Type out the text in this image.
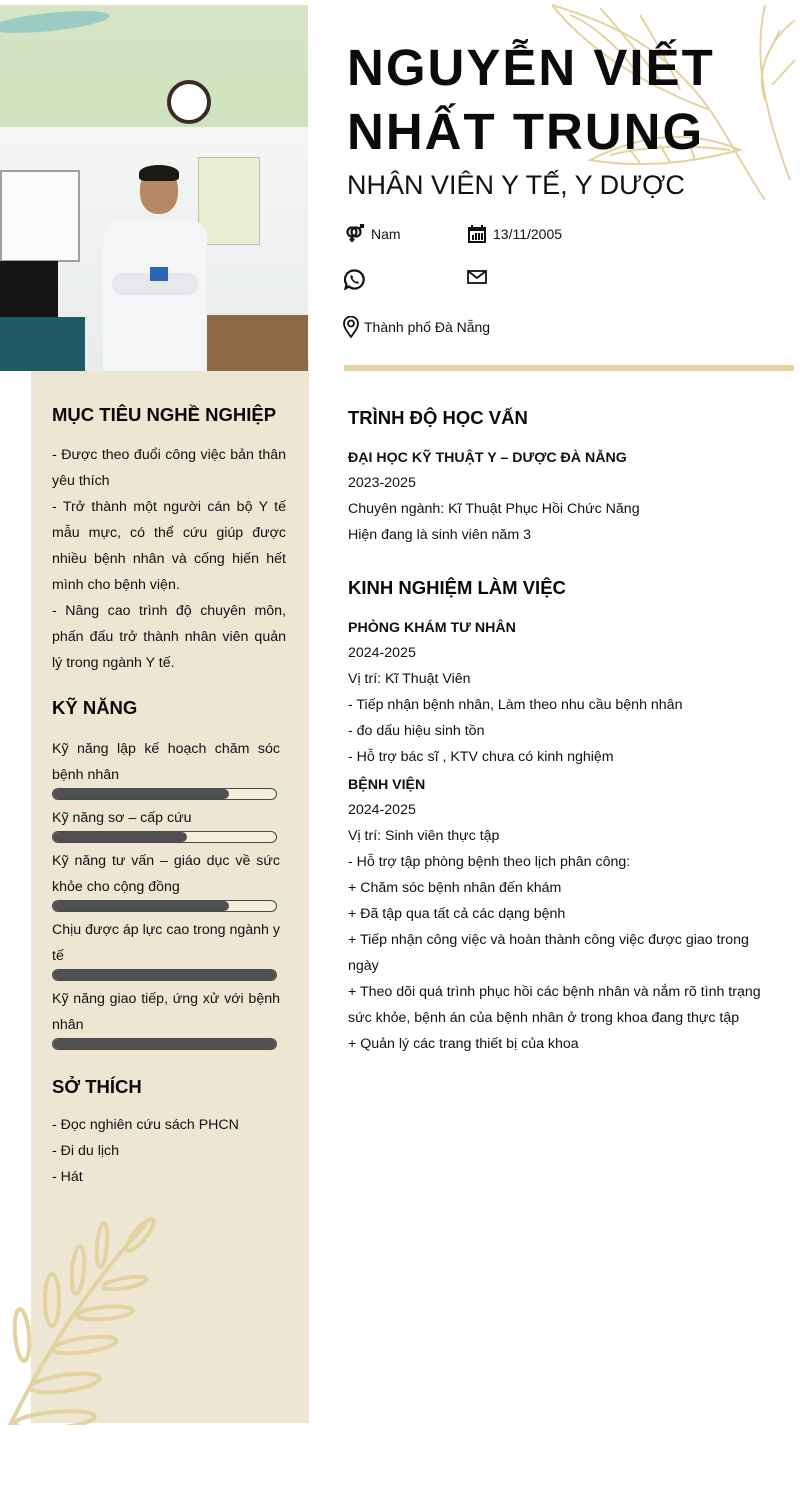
NGUYỄN VIẾT NHẤT TRUNG
NHÂN VIÊN Y TẾ, Y DƯỢC
Nam	13/11/2005
Thành phố Đà Nẵng
MỤC TIÊU NGHỀ NGHIỆP

- Được theo đuổi công việc bản thân yêu thích

- Trở thành một người cán bộ Y tế mẫu mực, có thể cứu giúp được nhiều bệnh nhân và cống hiến hết mình cho bệnh viện.

- Nâng cao trình độ chuyên môn, phấn đấu trở thành nhân viên quản lý trong ngành Y tế.

KỸ NĂNG
Kỹ năng lập kế hoạch chăm sóc bệnh nhân
Kỹ năng sơ – cấp cứu
Kỹ năng tư vấn – giáo dục về sức khỏe cho cộng đồng
Chịu được áp lực cao trong ngành y tế
Kỹ năng giao tiếp, ứng xử với bệnh nhân
SỞ THÍCH
- Đọc nghiên cứu sách PHCN
- Đi du lịch
- Hát
TRÌNH ĐỘ HỌC VẤN
ĐẠI HỌC KỸ THUẬT Y – DƯỢC ĐÀ NẴNG
2023-2025
Chuyên ngành: Kĩ Thuật Phục Hồi Chức Năng
Hiện đang là sinh viên năm 3
KINH NGHIỆM LÀM VIỆC
PHÒNG KHÁM TƯ NHÂN
2024-2025
Vị trí: Kĩ Thuật Viên
- Tiếp nhận bệnh nhân, Làm theo nhu cầu bệnh nhân
- đo dấu hiệu sinh tồn
- Hỗ trợ bác sĩ , KTV chưa có kinh nghiệm
BỆNH VIỆN
2024-2025
Vị trí: Sinh viên thực tập
- Hỗ trợ tập phòng bệnh theo lịch phân công:
+ Chăm sóc bệnh nhân đến khám
+ Đã tập qua tất cả các dạng bệnh
+ Tiếp nhận công việc và hoàn thành công việc được giao trong ngày
+ Theo dõi quá trình phục hồi các bệnh nhân và nắm rõ tình trạng sức khỏe, bệnh án của bệnh nhân ở trong khoa đang thực tập
+ Quản lý các trang thiết bị của khoa
